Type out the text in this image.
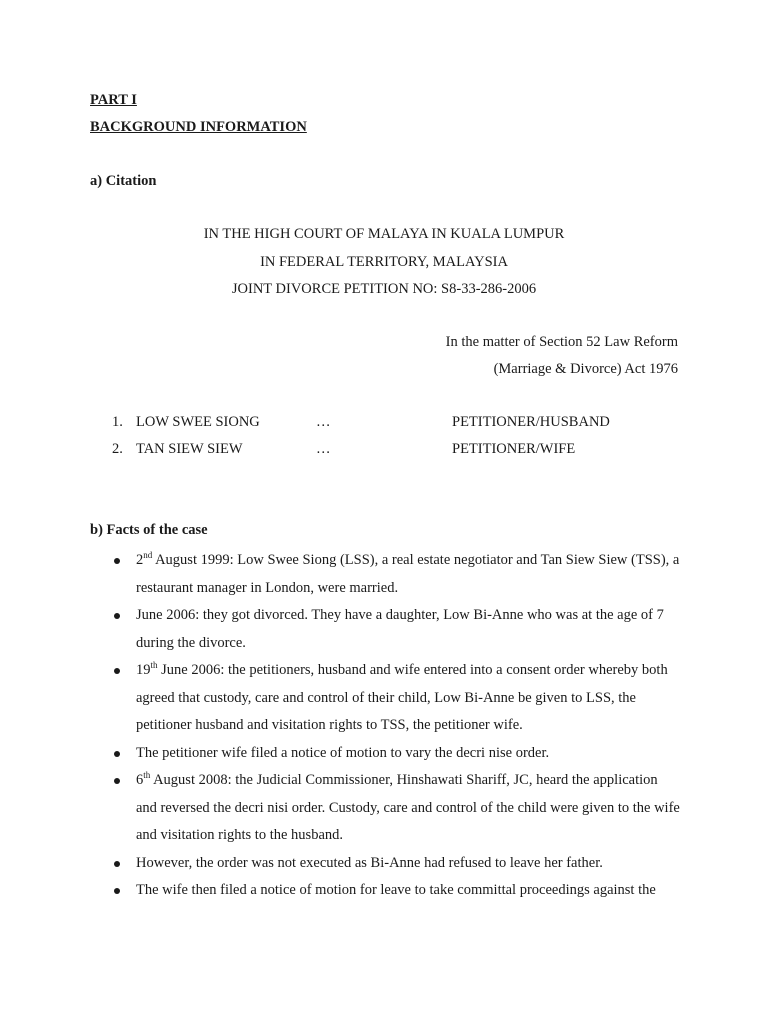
PART I
BACKGROUND INFORMATION
a) Citation
IN THE HIGH COURT OF MALAYA IN KUALA LUMPUR
IN FEDERAL TERRITORY, MALAYSIA
JOINT DIVORCE PETITION NO: S8-33-286-2006
In the matter of Section 52 Law Reform
(Marriage & Divorce) Act 1976
1. LOW SWEE SIONG	…	PETITIONER/HUSBAND
2. TAN SIEW SIEW	…	PETITIONER/WIFE
b) Facts of the case
2nd August 1999: Low Swee Siong (LSS), a real estate negotiator and Tan Siew Siew (TSS), a restaurant manager in London, were married.
June 2006: they got divorced. They have a daughter, Low Bi-Anne who was at the age of 7 during the divorce.
19th June 2006: the petitioners, husband and wife entered into a consent order whereby both agreed that custody, care and control of their child, Low Bi-Anne be given to LSS, the petitioner husband and visitation rights to TSS, the petitioner wife.
The petitioner wife filed a notice of motion to vary the decri nise order.
6th August 2008: the Judicial Commissioner, Hinshawati Shariff, JC, heard the application and reversed the decri nisi order. Custody, care and control of the child were given to the wife and visitation rights to the husband.
However, the order was not executed as Bi-Anne had refused to leave her father.
The wife then filed a notice of motion for leave to take committal proceedings against the
